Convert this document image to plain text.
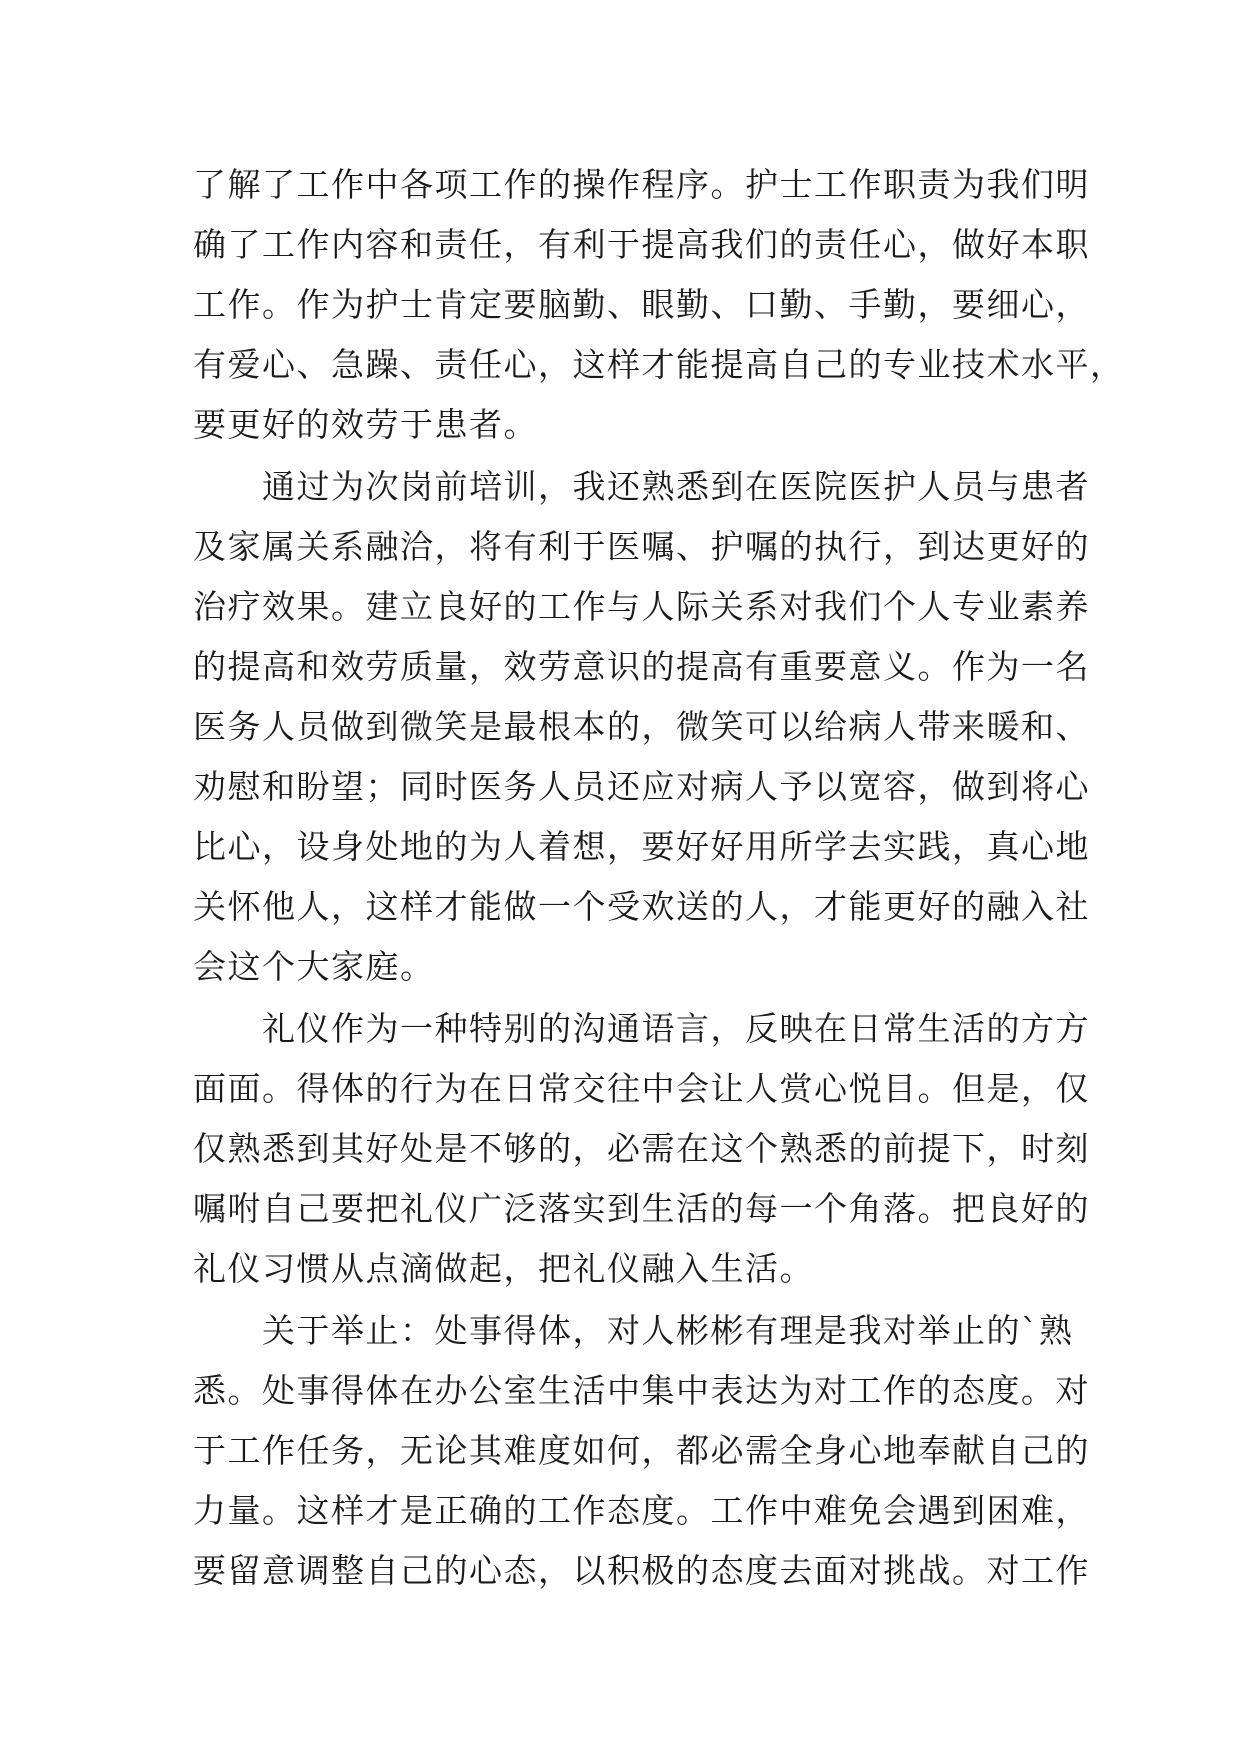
了解了工作中各项工作的操作程序。护士工作职责为我们明
确了工作内容和责任，有利于提高我们的责任心，做好本职
工作。作为护士肯定要脑勤、眼勤、口勤、手勤，要细心，
有爱心、急躁、责任心，这样才能提高自己的专业技术水平，
要更好的效劳于患者。
　　通过为次岗前培训，我还熟悉到在医院医护人员与患者
及家属关系融洽，将有利于医嘱、护嘱的执行，到达更好的
治疗效果。建立良好的工作与人际关系对我们个人专业素养
的提高和效劳质量，效劳意识的提高有重要意义。作为一名
医务人员做到微笑是最根本的，微笑可以给病人带来暖和、
劝慰和盼望；同时医务人员还应对病人予以宽容，做到将心
比心，设身处地的为人着想，要好好用所学去实践，真心地
关怀他人，这样才能做一个受欢送的人，才能更好的融入社
会这个大家庭。
　　礼仪作为一种特别的沟通语言，反映在日常生活的方方
面面。得体的行为在日常交往中会让人赏心悦目。但是，仅
仅熟悉到其好处是不够的，必需在这个熟悉的前提下，时刻
嘱咐自己要把礼仪广泛落实到生活的每一个角落。把良好的
礼仪习惯从点滴做起，把礼仪融入生活。
　　关于举止：处事得体，对人彬彬有理是我对举止的`熟
悉。处事得体在办公室生活中集中表达为对工作的态度。对
于工作任务，无论其难度如何，都必需全身心地奉献自己的
力量。这样才是正确的工作态度。工作中难免会遇到困难，
要留意调整自己的心态，以积极的态度去面对挑战。对工作
